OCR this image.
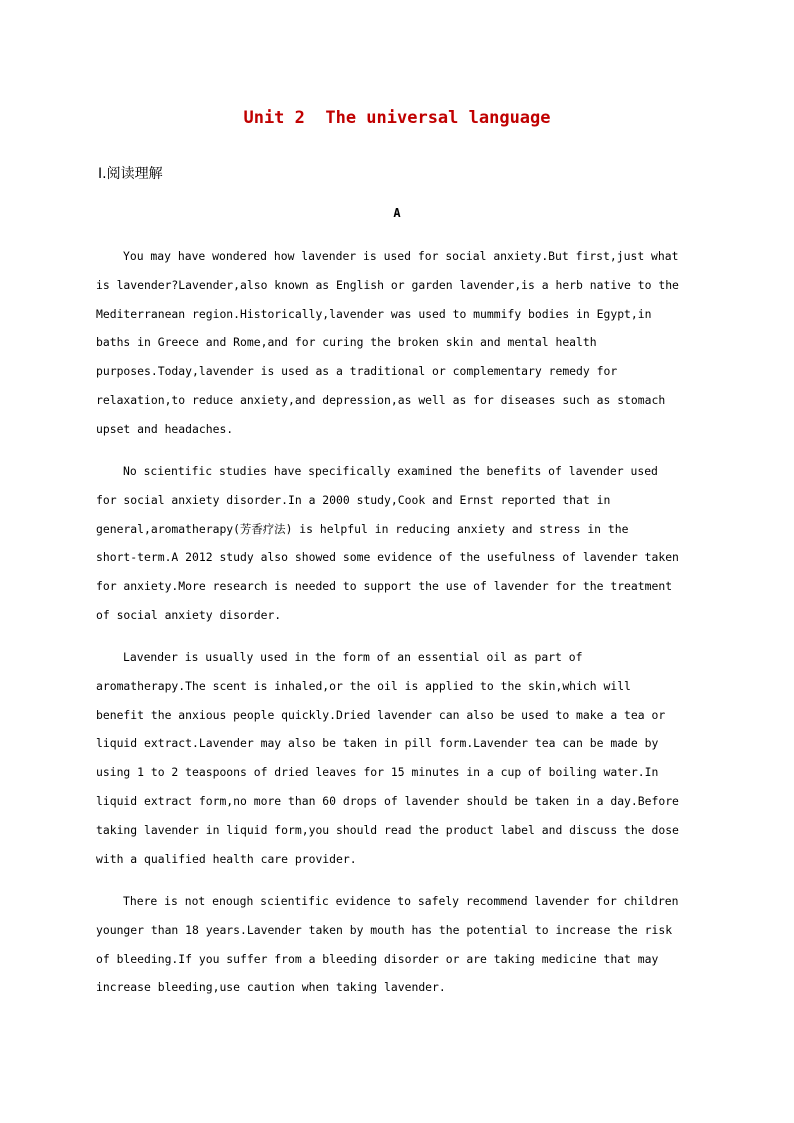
Unit 2  The universal language
Ⅰ.阅读理解
A
You may have wondered how lavender is used for social anxiety.But first,just what
is lavender?Lavender,also known as English or garden lavender,is a herb native to the
Mediterranean region.Historically,lavender was used to mummify bodies in Egypt,in
baths in Greece and Rome,and for curing the broken skin and mental health
purposes.Today,lavender is used as a traditional or complementary remedy for
relaxation,to reduce anxiety,and depression,as well as for diseases such as stomach
upset and headaches.
No scientific studies have specifically examined the benefits of lavender used
for social anxiety disorder.In a 2000 study,Cook and Ernst reported that in
general,aromatherapy(芳香疗法) is helpful in reducing anxiety and stress in the
short-term.A 2012 study also showed some evidence of the usefulness of lavender taken
for anxiety.More research is needed to support the use of lavender for the treatment
of social anxiety disorder.
Lavender is usually used in the form of an essential oil as part of
aromatherapy.The scent is inhaled,or the oil is applied to the skin,which will
benefit the anxious people quickly.Dried lavender can also be used to make a tea or
liquid extract.Lavender may also be taken in pill form.Lavender tea can be made by
using 1 to 2 teaspoons of dried leaves for 15 minutes in a cup of boiling water.In
liquid extract form,no more than 60 drops of lavender should be taken in a day.Before
taking lavender in liquid form,you should read the product label and discuss the dose
with a qualified health care provider.
There is not enough scientific evidence to safely recommend lavender for children
younger than 18 years.Lavender taken by mouth has the potential to increase the risk
of bleeding.If you suffer from a bleeding disorder or are taking medicine that may
increase bleeding,use caution when taking lavender.
